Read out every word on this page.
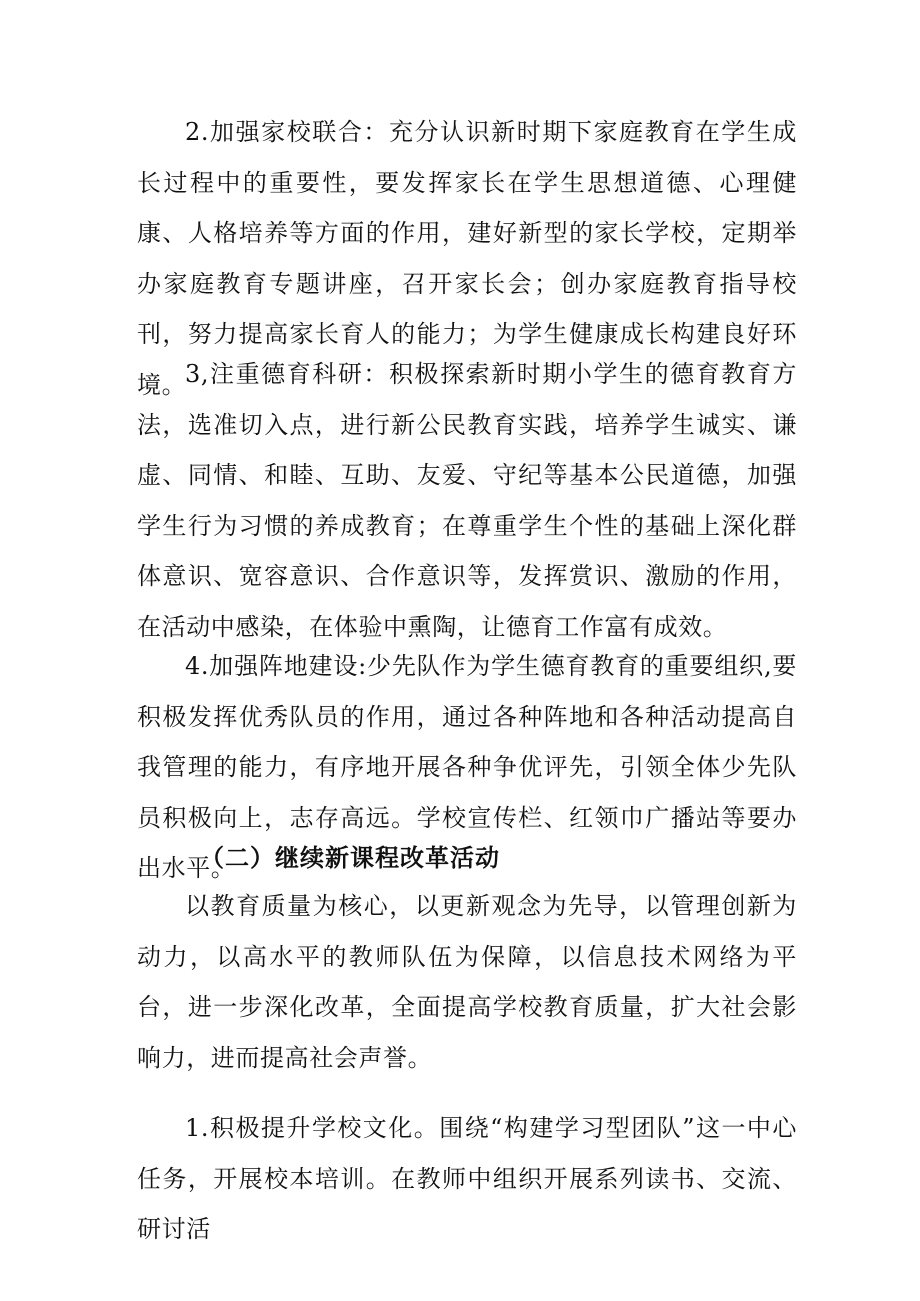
2.加强家校联合：充分认识新时期下家庭教育在学生成长过程中的重要性，要发挥家长在学生思想道德、心理健康、人格培养等方面的作用，建好新型的家长学校，定期举办家庭教育专题讲座，召开家长会；创办家庭教育指导校刊，努力提高家长育人的能力；为学生健康成长构建良好环境。

3,注重德育科研：积极探索新时期小学生的德育教育方法，选准切入点，进行新公民教育实践，培养学生诚实、谦虚、同情、和睦、互助、友爱、守纪等基本公民道德，加强学生行为习惯的养成教育；在尊重学生个性的基础上深化群体意识、宽容意识、合作意识等，发挥赏识、激励的作用，在活动中感染，在体验中熏陶，让德育工作富有成效。

4.加强阵地建设:少先队作为学生德育教育的重要组织,要积极发挥优秀队员的作用，通过各种阵地和各种活动提高自我管理的能力，有序地开展各种争优评先，引领全体少先队员积极向上，志存高远。学校宣传栏、红领巾广播站等要办出水平。

（二）继续新课程改革活动

以教育质量为核心，以更新观念为先导，以管理创新为动力，以高水平的教师队伍为保障，以信息技术网络为平台，进一步深化改革，全面提高学校教育质量，扩大社会影响力，进而提高社会声誉。

1.积极提升学校文化。围绕“构建学习型团队”这一中心任务，开展校本培训。在教师中组织开展系列读书、交流、研讨活
